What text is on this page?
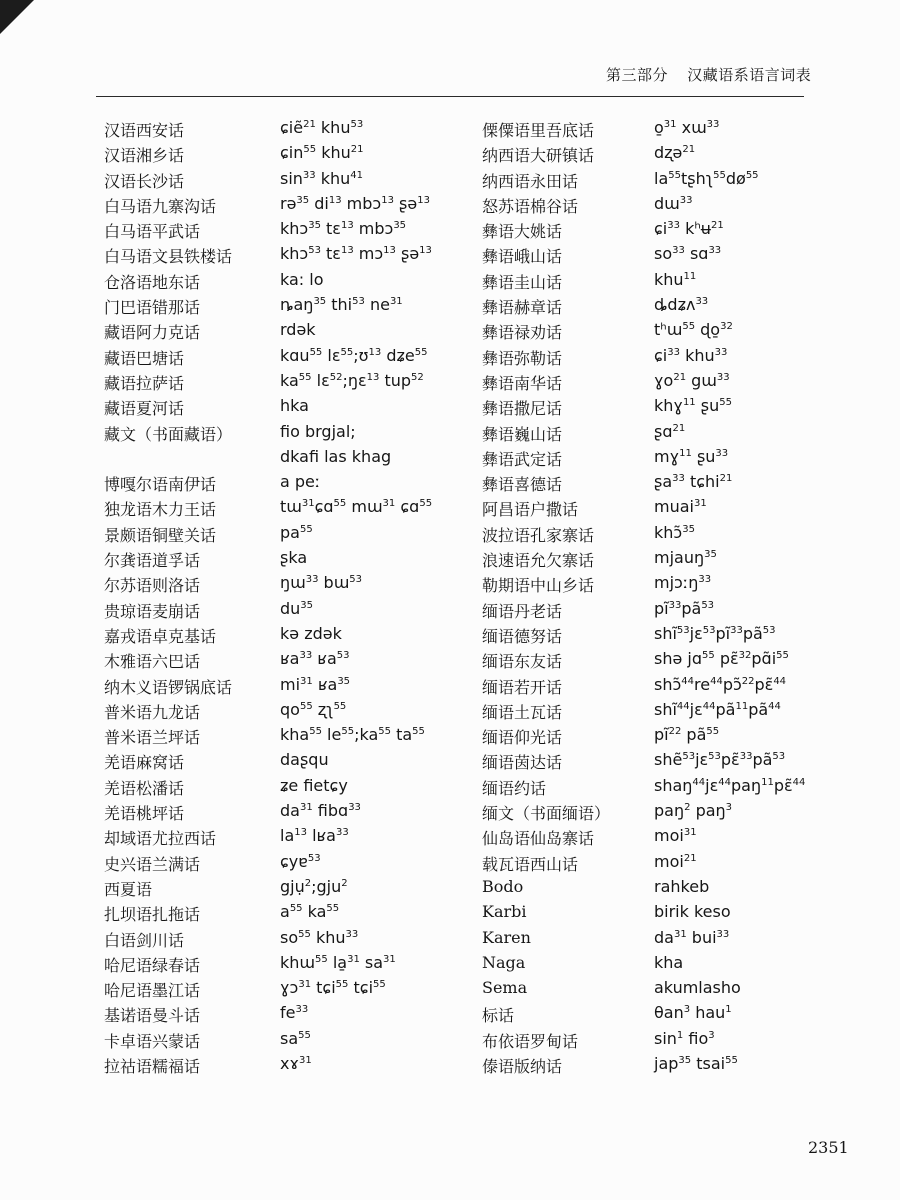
第三部分 汉藏语系语言词表
汉语西安话	ɕiẽ$^{21}$ khu$^{53}$
汉语湘乡话	ɕin$^{55}$ khu$^{21}$
汉语长沙话	$\sin^{33} khu^{41}$
白马语九寨沟话	rə$^{35}$ $di^{13}$ mbɔ$^{13}$ ʂə$^{13}$
白马语平武话	khɔ$^{35}$ tɛ$^{13}$ mbɔ$^{35}$
白马语文县铁楼话	khɔ$^{53}$ tɛ$^{13}$ mɔ$^{13}$ ʂə$^{13}$
仓洛语地东话	ka: lo
门巴语错那话	ȵaŋ$^{35}$ thi$^{53}$ $ne^{31}$
藏语阿力克话	rdək
藏语巴塘话	kɑu$^{55}$ lɛ$^{55}$;ʊ$^{13}$ dʑe$^{55}$
藏语拉萨话	$ka^{55}$ lɛ$^{52}$;ŋɛ$^{13}$ tup$^{52}$
藏语夏河话	hka
藏文（书面藏语）	fio brgjal;
dkafi las khag
博嘎尔语南伊话	a peː
独龙语木力王话	tɯ$^{31}$ɕɑ$^{55}$ mɯ$^{31}$ ɕɑ$^{55}$
景颇语铜壁关话	$pa^{55}$
尔龚语道孚话	ʂka
尔苏语则洛话	ŋɯ$^{33}$ bɯ$^{53}$
贵琼语麦崩话	$du^{35}$
嘉戎语卓克基话	kə zdək
木雅语六巴话	ʁa$^{33}$ ʁa$^{53}$
纳木义语锣锅底话	$mi^{31}$ ʁa$^{35}$
普米语九龙话	$qo^{55}$ ʐʅ$^{55}$
普米语兰坪话	kha$^{55}$ $le^{55};ka^{55}$ $ta^{55}$
羌语麻窝话	daʂqu
羌语松潘话	ʑe fietɕy
羌语桃坪话	$da^{31}$ fibɑ$^{33}$
却域语尤拉西话	$la^{13}$ lʁa$^{33}$
史兴语兰满话	ɕyɐ$^{53}$
西夏语	gjụ$^2$;gju$^2$
扎坝语扎拖话	$a^{55}$ $ka^{55}$
白语剑川话	$so^{55}$ khu$^{33}$
哈尼语绿春话	khɯ$^{55}$ la̱$^{31}$ $sa^{31}$
哈尼语墨江话	ɣɔ$^{31}$ tɕi$^{55}$ tɕi$^{55}$
基诺语曼斗话	$fe^{33}$
卡卓语兴蒙话	$sa^{55}$
拉祜语糯福话	xɤ$^{31}$
傈僳语里吾底话	o̱$^{31}$ xɯ$^{33}$
纳西语大研镇话	dʐə$^{21}$
纳西语永田话	$la^{55}tʂhʅ^{55}dø^{55}$
怒苏语棉谷话	dɯ$^{33}$
彝语大姚话	ɕi$^{33}$ kʰʉ$^{21}$
彝语峨山话	$so^{33}$ sɑ$^{33}$
彝语圭山话	khu$^{11}$
彝语赫章话	ȡdʑʌ$^{33}$
彝语禄劝话	tʰɯ$^{55}$ ɖo̱$^{32}$
彝语弥勒话	ɕi$^{33}$ khu$^{33}$
彝语南华话	ɣo$^{21}$ gɯ$^{33}$
彝语撒尼话	khɣ$^{11}$ ʂu$^{55}$
彝语巍山话	ʂɑ$^{21}$
彝语武定话	mɣ$^{11}$ ʂu$^{33}$
彝语喜德话	ʂa$^{33}$ tɕhi$^{21}$
阿昌语户撒话	muai$^{31}$
波拉语孔家寨话	khɔ̃$^{35}$
浪速语允欠寨话	mjauŋ$^{35}$
勒期语中山乡话	mjɔːŋ$^{33}$
缅语丹老话	$pĩ^{33}pã^{53}$
缅语德努话	$shĩ^{53}jɛ^{53}pĩ^{33}pã^{53}$
缅语东友话	shə jɑ$^{55}$ $pɛ̃^{32}pɑ̃i^{55}$
缅语若开话	$shɔ̃^{44}re^{44}pɔ̃^{22}pɛ̃^{44}$
缅语土瓦话	$shĩ^{44}jɛ^{44}pã^{11}pã^{44}$
缅语仰光话	$pĩ^{22}$ $pã^{55}$
缅语茵达话	$shẽ^{53}jɛ^{53}pɛ̃^{33}pã^{53}$
缅语约话	shaŋ$^{44}$jɛ$^{44}$paŋ$^{11}$pɛ̃$^{44}$
缅文（书面缅语）	paŋ$^2$ paŋ$^3$
仙岛语仙岛寨话	moi$^{31}$
载瓦语西山话	moi$^{21}$
Bodo	rahkeb
Karbi	birik keso
Karen	$da^{31}$ bui$^{33}$
Naga	kha
Sema	akumlasho
标话	θan$^3$ hau$^1$
布依语罗甸话	$\sin^1 fio^3$
傣语版纳话	jap$^{35}$ tsai$^{55}$
2351
